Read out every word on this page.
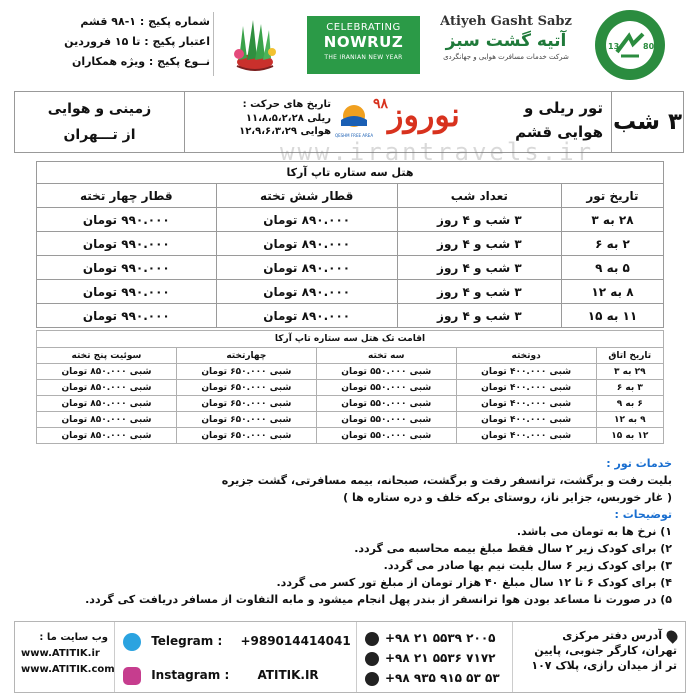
شماره پکیج : ۱-۹۸ قشم
اعتبار پکیج : تا ۱۵ فروردین
نــوع پکیج : ویژه همکاران
CELEBRATING
NOWRUZ
THE IRANIAN NEW YEAR
Atiyeh Gasht Sabz
آتیه گشت سبز
شرکت خدمات مسافرت هوایی و جهانگردی
13	80
۳ شب
تور ریلی و
هوایی قشم
نوروز$^{۹۸}$
QESHM FREE AREA
تاریخ های حرکت :
ریلی ۱۱،۸،۵،۲،۲۸
هوایی ۱۲،۹،۶،۳،۲۹
زمینی و هوایی
از تـــهران
www.irantravels.ir
هتل سه ستاره تاپ آرکا			
تاریخ تور	تعداد شب	قطار شش تخته	قطار چهار تخته
۲۸ به ۳	۳ شب و ۴ روز	۸۹۰.۰۰۰ تومان	۹۹۰.۰۰۰ تومان
۲ به ۶	۳ شب و ۴ روز	۸۹۰.۰۰۰ تومان	۹۹۰.۰۰۰ تومان
۵ به ۹	۳ شب و ۴ روز	۸۹۰.۰۰۰ تومان	۹۹۰.۰۰۰ تومان
۸ به ۱۲	۳ شب و ۴ روز	۸۹۰.۰۰۰ تومان	۹۹۰.۰۰۰ تومان
۱۱ به ۱۵	۳ شب و ۴ روز	۸۹۰.۰۰۰ تومان	۹۹۰.۰۰۰ تومان
اقامت تک هتل سه ستاره تاپ آرکا				
تاریخ اتاق	دوتخته	سه تخته	چهارتخته	سوئیت پنج تخته
۲۹ به ۳	شبی ۴۰۰.۰۰۰ تومان	شبی ۵۵۰.۰۰۰ تومان	شبی ۶۵۰.۰۰۰ تومان	شبی ۸۵۰.۰۰۰ تومان
۳ به ۶	شبی ۴۰۰.۰۰۰ تومان	شبی ۵۵۰.۰۰۰ تومان	شبی ۶۵۰.۰۰۰ تومان	شبی ۸۵۰.۰۰۰ تومان
۶ به ۹	شبی ۴۰۰.۰۰۰ تومان	شبی ۵۵۰.۰۰۰ تومان	شبی ۶۵۰.۰۰۰ تومان	شبی ۸۵۰.۰۰۰ تومان
۹ به ۱۲	شبی ۴۰۰.۰۰۰ تومان	شبی ۵۵۰.۰۰۰ تومان	شبی ۶۵۰.۰۰۰ تومان	شبی ۸۵۰.۰۰۰ تومان
۱۲ به ۱۵	شبی ۴۰۰.۰۰۰ تومان	شبی ۵۵۰.۰۰۰ تومان	شبی ۶۵۰.۰۰۰ تومان	شبی ۸۵۰.۰۰۰ تومان
خدمات تور :
بلیت رفت و برگشت، ترانسفر رفت و برگشت، صبحانه، بیمه مسافرتی، گشت جزیره
( غار خوربس، جزایر ناز، روستای برکه خلف و دره ستاره ها )
توضیحات :
۱) نرخ ها به تومان می باشد.
۲) برای کودک زیر ۲ سال فقط مبلغ بیمه محاسبه می گردد.
۳) برای کودک زیر ۶ سال بلیت نیم بها صادر می گردد.
۴) برای کودک ۶ تا ۱۲ سال مبلغ ۴۰ هزار تومان از مبلغ تور کسر می گردد.
۵) در صورت نا مساعد بودن هوا ترانسفر از بندر پهل انجام میشود و مابه التفاوت از مسافر دریافت کی گردد.
وب سایت ما :
www.ATITIK.ir
www.ATITIK.com
Telegram : +989014414041
Instagram : ATITIK.IR
+۹۸ ۲۱ ۵۵۳۹ ۲۰۰۵
+۹۸ ۲۱ ۵۵۳۶ ۷۱۷۲
+۹۸ ۹۳۵ ۹۱۵ ۵۳ ۵۳
آدرس دفتر مرکزی
تهران، کارگر جنوبی، پایین
تر از میدان رازی، پلاک ۱۰۷
